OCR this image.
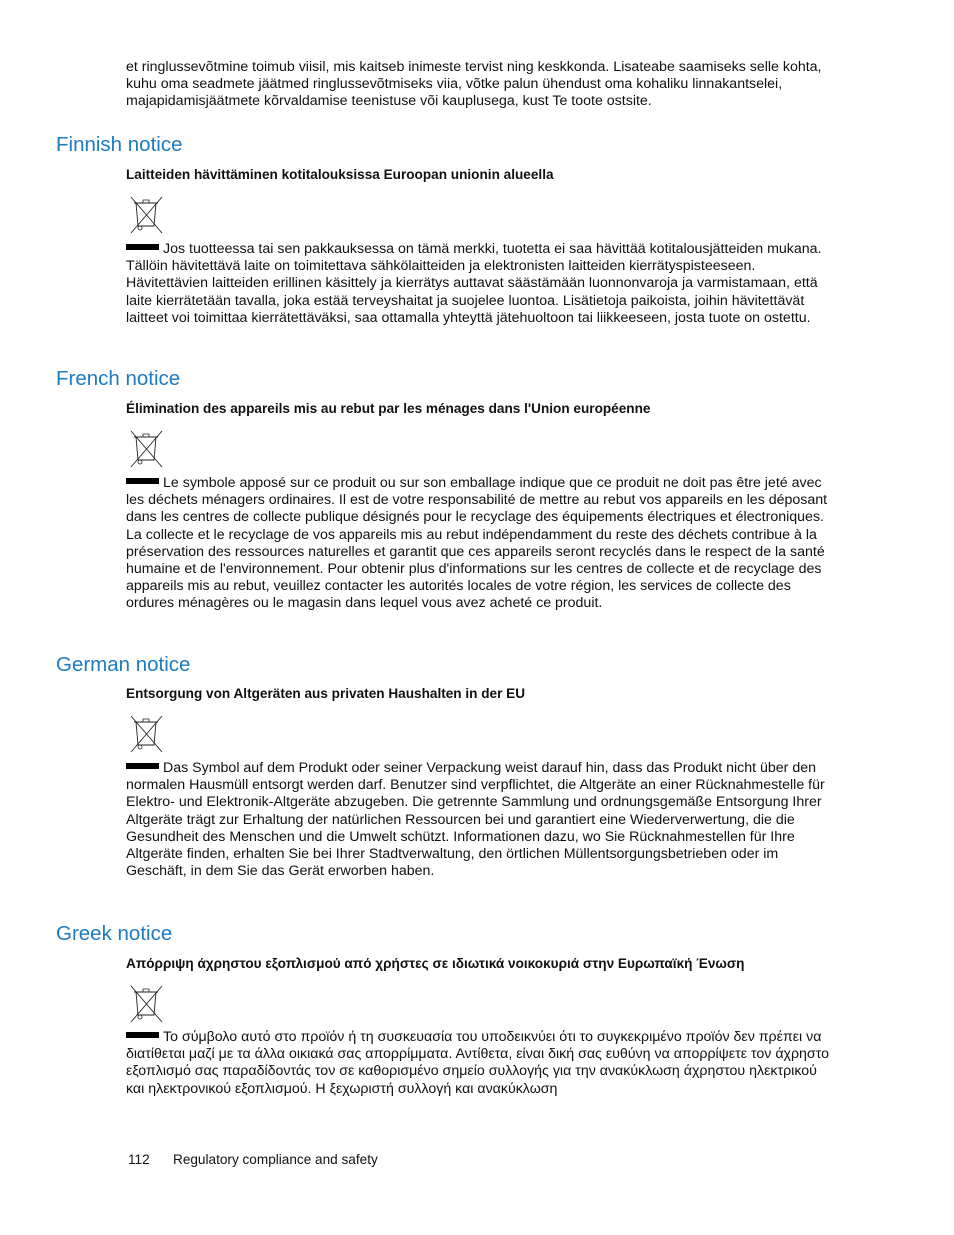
et ringlussevõtmine toimub viisil, mis kaitseb inimeste tervist ning keskkonda. Lisateabe saamiseks selle kohta, kuhu oma seadmete jäätmed ringlussevõtmiseks viia, võtke palun ühendust oma kohaliku linnakantselei, majapidamisjäätmete kõrvaldamise teenistuse või kauplusega, kust Te toote ostsite.

Finnish notice

Laitteiden hävittäminen kotitalouksissa Euroopan unionin alueella

Jos tuotteessa tai sen pakkauksessa on tämä merkki, tuotetta ei saa hävittää kotitalousjätteiden mukana. Tällöin hävitettävä laite on toimitettava sähkölaitteiden ja elektronisten laitteiden kierrätyspisteeseen. Hävitettävien laitteiden erillinen käsittely ja kierrätys auttavat säästämään luonnonvaroja ja varmistamaan, että laite kierrätetään tavalla, joka estää terveyshaitat ja suojelee luontoa. Lisätietoja paikoista, joihin hävitettävät laitteet voi toimittaa kierrätettäväksi, saa ottamalla yhteyttä jätehuoltoon tai liikkeeseen, josta tuote on ostettu.

French notice

Élimination des appareils mis au rebut par les ménages dans l'Union européenne

Le symbole apposé sur ce produit ou sur son emballage indique que ce produit ne doit pas être jeté avec les déchets ménagers ordinaires. Il est de votre responsabilité de mettre au rebut vos appareils en les déposant dans les centres de collecte publique désignés pour le recyclage des équipements électriques et électroniques. La collecte et le recyclage de vos appareils mis au rebut indépendamment du reste des déchets contribue à la préservation des ressources naturelles et garantit que ces appareils seront recyclés dans le respect de la santé humaine et de l'environnement. Pour obtenir plus d'informations sur les centres de collecte et de recyclage des appareils mis au rebut, veuillez contacter les autorités locales de votre région, les services de collecte des ordures ménagères ou le magasin dans lequel vous avez acheté ce produit.

German notice

Entsorgung von Altgeräten aus privaten Haushalten in der EU

Das Symbol auf dem Produkt oder seiner Verpackung weist darauf hin, dass das Produkt nicht über den normalen Hausmüll entsorgt werden darf. Benutzer sind verpflichtet, die Altgeräte an einer Rücknahmestelle für Elektro- und Elektronik-Altgeräte abzugeben. Die getrennte Sammlung und ordnungsgemäße Entsorgung Ihrer Altgeräte trägt zur Erhaltung der natürlichen Ressourcen bei und garantiert eine Wiederverwertung, die die Gesundheit des Menschen und die Umwelt schützt. Informationen dazu, wo Sie Rücknahmestellen für Ihre Altgeräte finden, erhalten Sie bei Ihrer Stadtverwaltung, den örtlichen Müllentsorgungsbetrieben oder im Geschäft, in dem Sie das Gerät erworben haben.

Greek notice

Απόρριψη άχρηστου εξοπλισμού από χρήστες σε ιδιωτικά νοικοκυριά στην Ευρωπαϊκή Ένωση

Το σύμβολο αυτό στο προϊόν ή τη συσκευασία του υποδεικνύει ότι το συγκεκριμένο προϊόν δεν πρέπει να διατίθεται μαζί με τα άλλα οικιακά σας απορρίμματα. Αντίθετα, είναι δική σας ευθύνη να απορρίψετε τον άχρηστο εξοπλισμό σας παραδίδοντάς τον σε καθορισμένο σημείο συλλογής για την ανακύκλωση άχρηστου ηλεκτρικού και ηλεκτρονικού εξοπλισμού. Η ξεχωριστή συλλογή και ανακύκλωση

112 Regulatory compliance and safety
